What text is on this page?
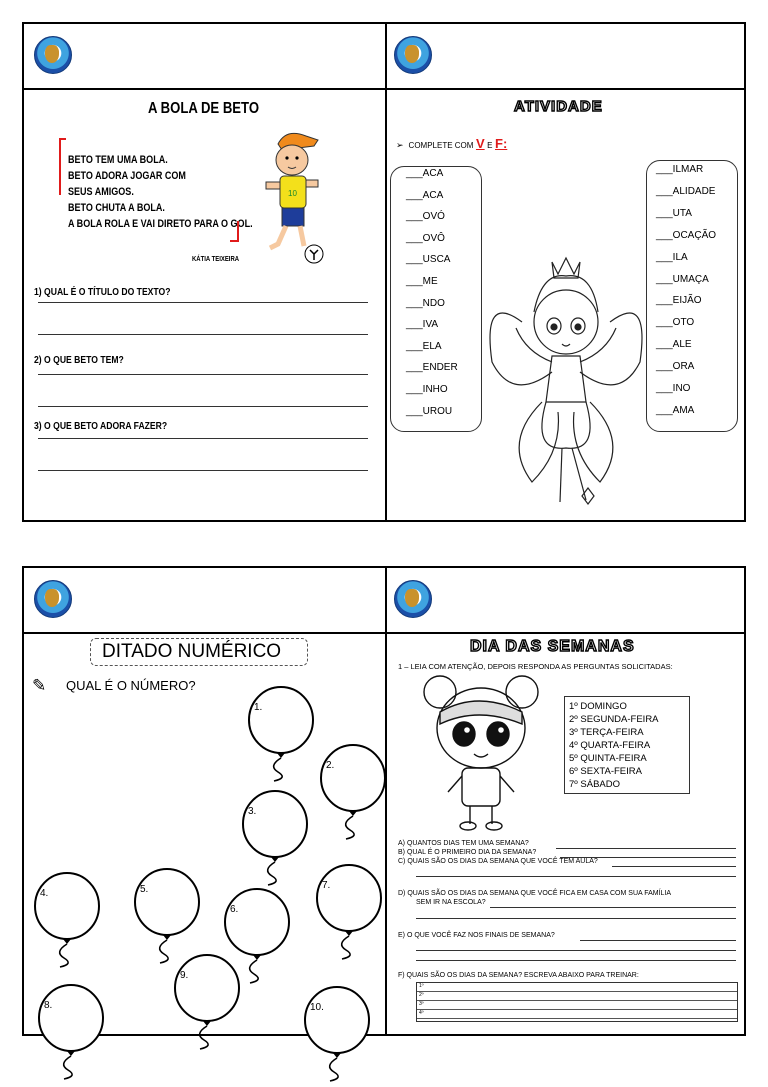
A BOLA DE BETO
BETO TEM UMA BOLA.
BETO ADORA JOGAR COM
SEUS AMIGOS.
BETO CHUTA A BOLA.
A BOLA ROLA E VAI DIRETO PARA O GOL.
KÁTIA TEIXEIRA
10
1) QUAL É O TÍTULO DO TEXTO?
2) O QUE BETO TEM?
3) O QUE BETO ADORA FAZER?
ATIVIDADE
➢  COMPLETE COM V E F:
DITADO NUMÉRICO
✎ QUAL É O NÚMERO?
DIA DAS SEMANAS
1 – LEIA COM ATENÇÃO, DEPOIS RESPONDA AS PERGUNTAS SOLICITADAS:
1º DOMINGO
2º SEGUNDA-FEIRA
3º TERÇA-FEIRA
4º QUARTA-FEIRA
5º QUINTA-FEIRA
6º SEXTA-FEIRA
7º SÁBADO
A) QUANTOS DIAS TEM UMA SEMANA?
B) QUAL É O PRIMEIRO DIA DA SEMANA?
C) QUAIS SÃO OS DIAS DA SEMANA QUE VOCÊ TEM AULA?
D) QUAIS SÃO OS DIAS DA SEMANA QUE VOCÊ FICA EM CASA COM SUA FAMÍLIA
SEM IR NA ESCOLA?
E) O QUE VOCÊ FAZ NOS FINAIS DE SEMANA?
F) QUAIS SÃO OS DIAS DA SEMANA? ESCREVA ABAIXO PARA TREINAR:
1º
2º
3º
4º
1.
2.
3.
4.	5.
6.
7.
8.
9.
10.
___ACA
___ACA
___OVÓ
___OVÔ
___USCA
___ME
___NDO
___IVA
___ELA
___ENDER
___INHO
___UROU
___ILMAR
___ALIDADE
___UTA
___OCAÇÃO
___ILA
___UMAÇA
___EIJÃO
___OTO
___ALE
___ORA
___INO
___AMA
